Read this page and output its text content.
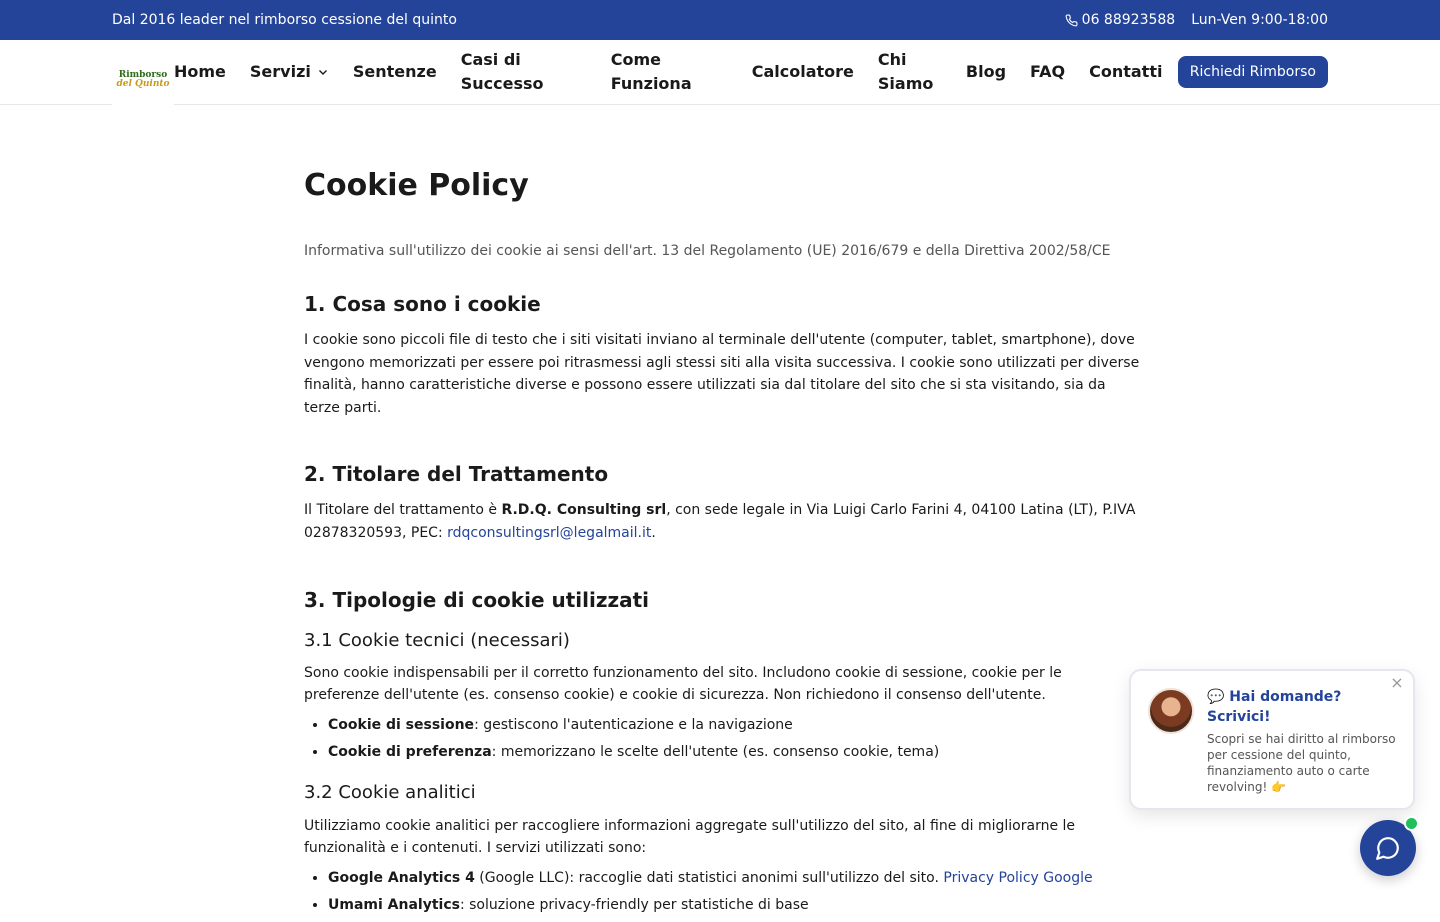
Dal 2016 leader nel rimborso cessione del quinto	06 88923588 Lun-Ven 9:00-18:00
Rimborso
del Quinto
Home Servizi	Sentenze
Casi di
Successo
Come
Funziona
Calcolatore
Chi
Siamo
Blog FAQ Contatti Richiedi Rimborso
Cookie Policy

Informativa sull'utilizzo dei cookie ai sensi dell'art. 13 del Regolamento (UE) 2016/679 e della Direttiva 2002/58/CE

1. Cosa sono i cookie

I cookie sono piccoli file di testo che i siti visitati inviano al terminale dell'utente (computer, tablet, smartphone), dove vengono memorizzati per essere poi ritrasmessi agli stessi siti alla visita successiva. I cookie sono utilizzati per diverse finalità, hanno caratteristiche diverse e possono essere utilizzati sia dal titolare del sito che si sta visitando, sia da terze parti.

2. Titolare del Trattamento

Il Titolare del trattamento è R.D.Q. Consulting srl, con sede legale in Via Luigi Carlo Farini 4, 04100 Latina (LT), P.IVA 02878320593, PEC: rdqconsultingsrl@legalmail.it.

3. Tipologie di cookie utilizzati
3.1 Cookie tecnici (necessari)

Sono cookie indispensabili per il corretto funzionamento del sito. Includono cookie di sessione, cookie per le preferenze dell'utente (es. consenso cookie) e cookie di sicurezza. Non richiedono il consenso dell'utente.

• Cookie di sessione: gestiscono l'autenticazione e la navigazione
• Cookie di preferenza: memorizzano le scelte dell'utente (es. consenso cookie, tema)
3.2 Cookie analitici

Utilizziamo cookie analitici per raccogliere informazioni aggregate sull'utilizzo del sito, al fine di migliorarne le funzionalità e i contenuti. I servizi utilizzati sono:

• Google Analytics 4 (Google LLC): raccoglie dati statistici anonimi sull'utilizzo del sito. Privacy Policy Google
• Umami Analytics: soluzione privacy-friendly per statistiche di base
×
💬 Hai domande? Scrivici!
Scopri se hai diritto al rimborso per cessione del quinto, finanziamento auto o carte revolving! 👉
